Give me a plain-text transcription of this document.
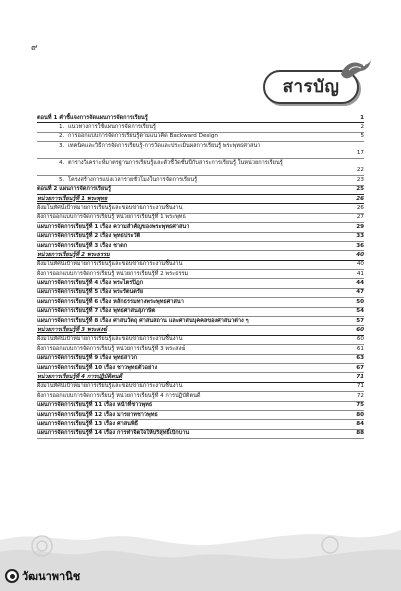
๙
สารบัญ
ตอนที่ 1 คำชี้แจงการจัดแผนการจัดการเรียนรู้	1
1. แนวทางการใช้แผนการจัดการเรียนรู้	2
2. การออกแบบการจัดการเรียนรู้ตามแนวคิด Backward Design	5
3. เทคนิคและวิธีการจัดการเรียนรู้-การวัดและประเมินผลการเรียนรู้ พระพุทธศาสนา
17
4. ตารางวิเคราะห์มาตรฐานการเรียนรู้และตัวชี้วัดชั้นปีกับสาระการเรียนรู้ ในหน่วยการเรียนรู้
22
5. โครงสร้างการแบ่งเวลารายชั่วโมงในการจัดการเรียนรู้	23
ตอนที่ 2 แผนการจัดการเรียนรู้	25
หน่วยการเรียนรู้ที่ 1 พระพุทธ	26
ผังมโนทัศน์เป้าหมายการเรียนรู้และขอบข่ายภาระงานชิ้นงาน	26
ผังการออกแบบการจัดการเรียนรู้ หน่วยการเรียนรู้ที่ 1 พระพุทธ	27
แผนการจัดการเรียนรู้ที่ 1 เรื่อง ความสำคัญของพระพุทธศาสนา	29
แผนการจัดการเรียนรู้ที่ 2 เรื่อง พุทธประวัติ	33
แผนการจัดการเรียนรู้ที่ 3 เรื่อง ชาดก	36
หน่วยการเรียนรู้ที่ 2 พระธรรม	40
ผังมโนทัศน์เป้าหมายการเรียนรู้และขอบข่ายภาระงานชิ้นงาน	40
ผังการออกแบบการจัดการเรียนรู้ หน่วยการเรียนรู้ที่ 2 พระธรรม	41
แผนการจัดการเรียนรู้ที่ 4 เรื่อง พระไตรปิฎก	44
แผนการจัดการเรียนรู้ที่ 5 เรื่อง พระรัตนตรัย	47
แผนการจัดการเรียนรู้ที่ 6 เรื่อง หลักธรรมทางพระพุทธศาสนา	50
แผนการจัดการเรียนรู้ที่ 7 เรื่อง พุทธศาสนสุภาษิต	54
แผนการจัดการเรียนรู้ที่ 8 เรื่อง ศาสนวัตถุ ศาสนสถาน และศาสนบุคคลของศาสนาต่าง ๆ	57
หน่วยการเรียนรู้ที่ 3 พระสงฆ์	60
ผังมโนทัศน์เป้าหมายการเรียนรู้และขอบข่ายภาระงานชิ้นงาน	60
ผังการออกแบบการจัดการเรียนรู้ หน่วยการเรียนรู้ที่ 3 พระสงฆ์	61
แผนการจัดการเรียนรู้ที่ 9 เรื่อง พุทธสาวก	63
แผนการจัดการเรียนรู้ที่ 10 เรื่อง ชาวพุทธตัวอย่าง	67
หน่วยการเรียนรู้ที่ 4 การปฏิบัติตนดี	71
ผังมโนทัศน์เป้าหมายการเรียนรู้และขอบข่ายภาระงานชิ้นงาน	71
ผังการออกแบบการจัดการเรียนรู้ หน่วยการเรียนรู้ที่ 4 การปฏิบัติตนดี	72
แผนการจัดการเรียนรู้ที่ 11 เรื่อง หน้าที่ชาวพุทธ	75
แผนการจัดการเรียนรู้ที่ 12 เรื่อง มารยาทชาวพุทธ	80
แผนการจัดการเรียนรู้ที่ 13 เรื่อง ศาสนพิธี	84
แผนการจัดการเรียนรู้ที่ 14 เรื่อง การทำจิตใจให้บริสุทธิ์เบิกบาน	88
วัฒนาพานิช
